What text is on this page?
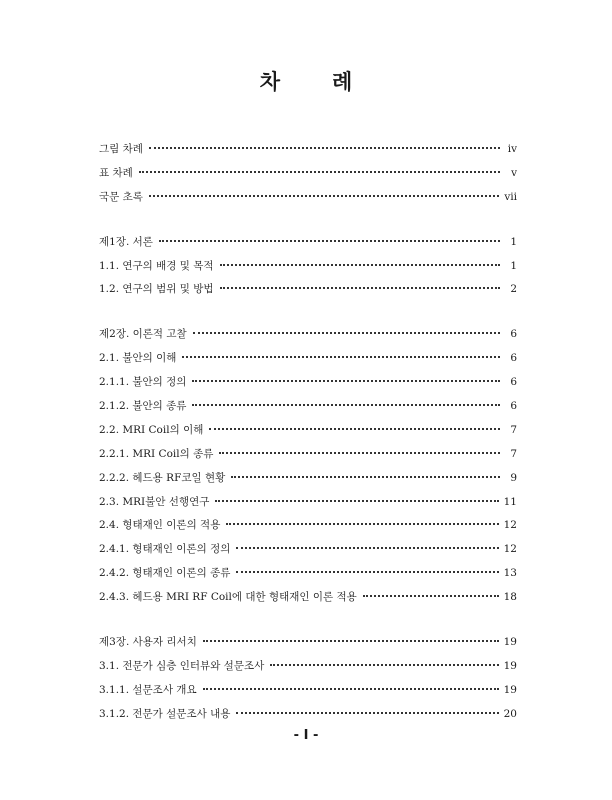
차 례
그림 차례	ⅳ
표 차례	ⅴ
국문 초록	ⅶ
제1장. 서론	1
1.1. 연구의 배경 및 목적	1
1.2. 연구의 범위 및 방법	2
제2장. 이론적 고찰	6
2.1. 불안의 이해	6
2.1.1. 불안의 정의	6
2.1.2. 불안의 종류	6
2.2. MRI Coil의 이해	7
2.2.1. MRI Coil의 종류	7
2.2.2. 헤드용 RF코일 현황	9
2.3. MRI불안 선행연구	11
2.4. 형태재인 이론의 적용	12
2.4.1. 형태재인 이론의 정의	12
2.4.2. 형태재인 이론의 종류	13
2.4.3. 헤드용 MRI RF Coil에 대한 형태재인 이론 적용	18
제3장. 사용자 리서치	19
3.1. 전문가 심층 인터뷰와 설문조사	19
3.1.1. 설문조사 개요	19
3.1.2. 전문가 설문조사 내용	20
- I -
